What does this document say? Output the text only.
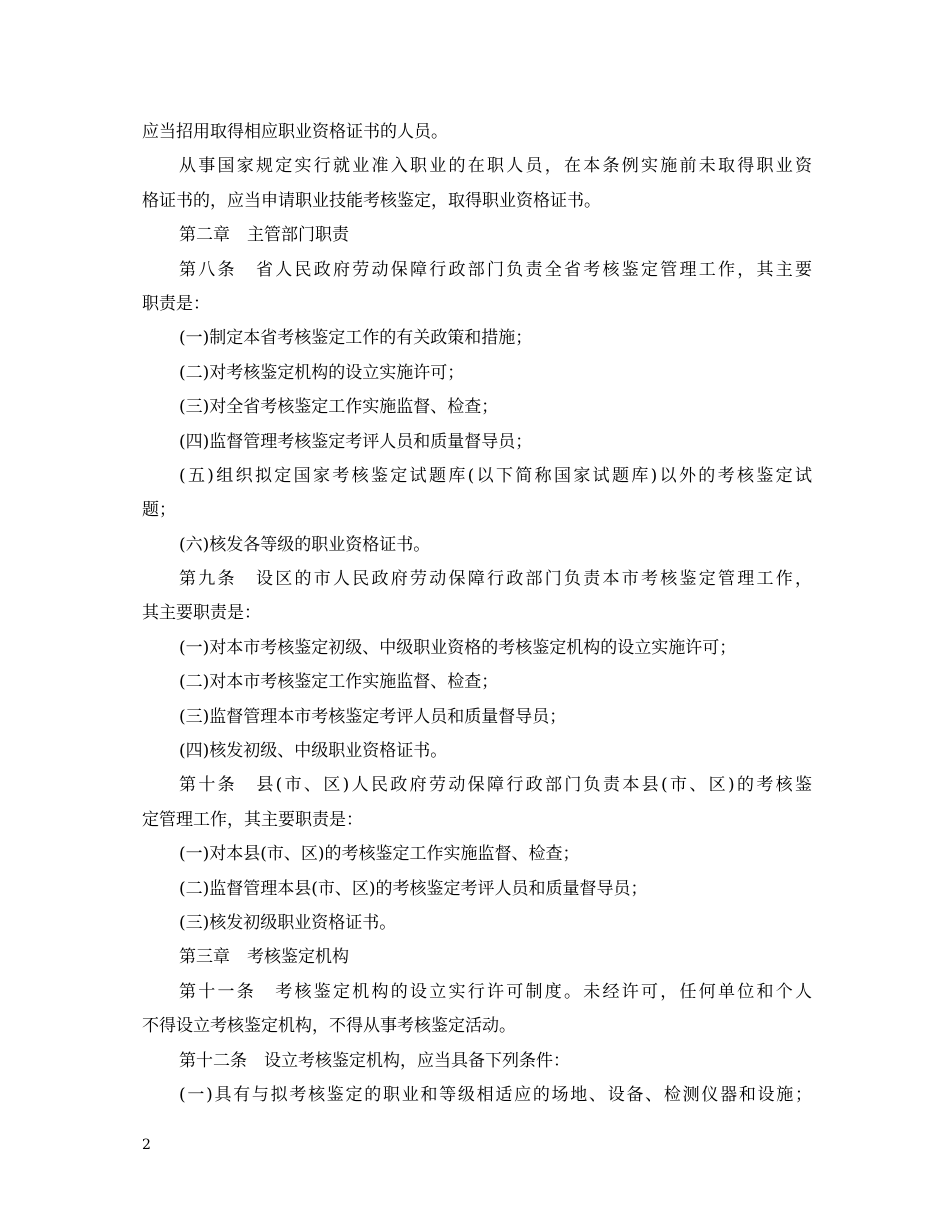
应当招用取得相应职业资格证书的人员。
从事国家规定实行就业准入职业的在职人员，在本条例实施前未取得职业资
格证书的，应当申请职业技能考核鉴定，取得职业资格证书。
第二章　主管部门职责
第八条　省人民政府劳动保障行政部门负责全省考核鉴定管理工作，其主要
职责是：
(一)制定本省考核鉴定工作的有关政策和措施；
(二)对考核鉴定机构的设立实施许可；
(三)对全省考核鉴定工作实施监督、检查；
(四)监督管理考核鉴定考评人员和质量督导员；
(五)组织拟定国家考核鉴定试题库(以下简称国家试题库)以外的考核鉴定试
题；
(六)核发各等级的职业资格证书。
第九条　设区的市人民政府劳动保障行政部门负责本市考核鉴定管理工作，
其主要职责是：
(一)对本市考核鉴定初级、中级职业资格的考核鉴定机构的设立实施许可；
(二)对本市考核鉴定工作实施监督、检查；
(三)监督管理本市考核鉴定考评人员和质量督导员；
(四)核发初级、中级职业资格证书。
第十条　县(市、区)人民政府劳动保障行政部门负责本县(市、区)的考核鉴
定管理工作，其主要职责是：
(一)对本县(市、区)的考核鉴定工作实施监督、检查；
(二)监督管理本县(市、区)的考核鉴定考评人员和质量督导员；
(三)核发初级职业资格证书。
第三章　考核鉴定机构
第十一条　考核鉴定机构的设立实行许可制度。未经许可，任何单位和个人
不得设立考核鉴定机构，不得从事考核鉴定活动。
第十二条　设立考核鉴定机构，应当具备下列条件：
(一)具有与拟考核鉴定的职业和等级相适应的场地、设备、检测仪器和设施；
2
